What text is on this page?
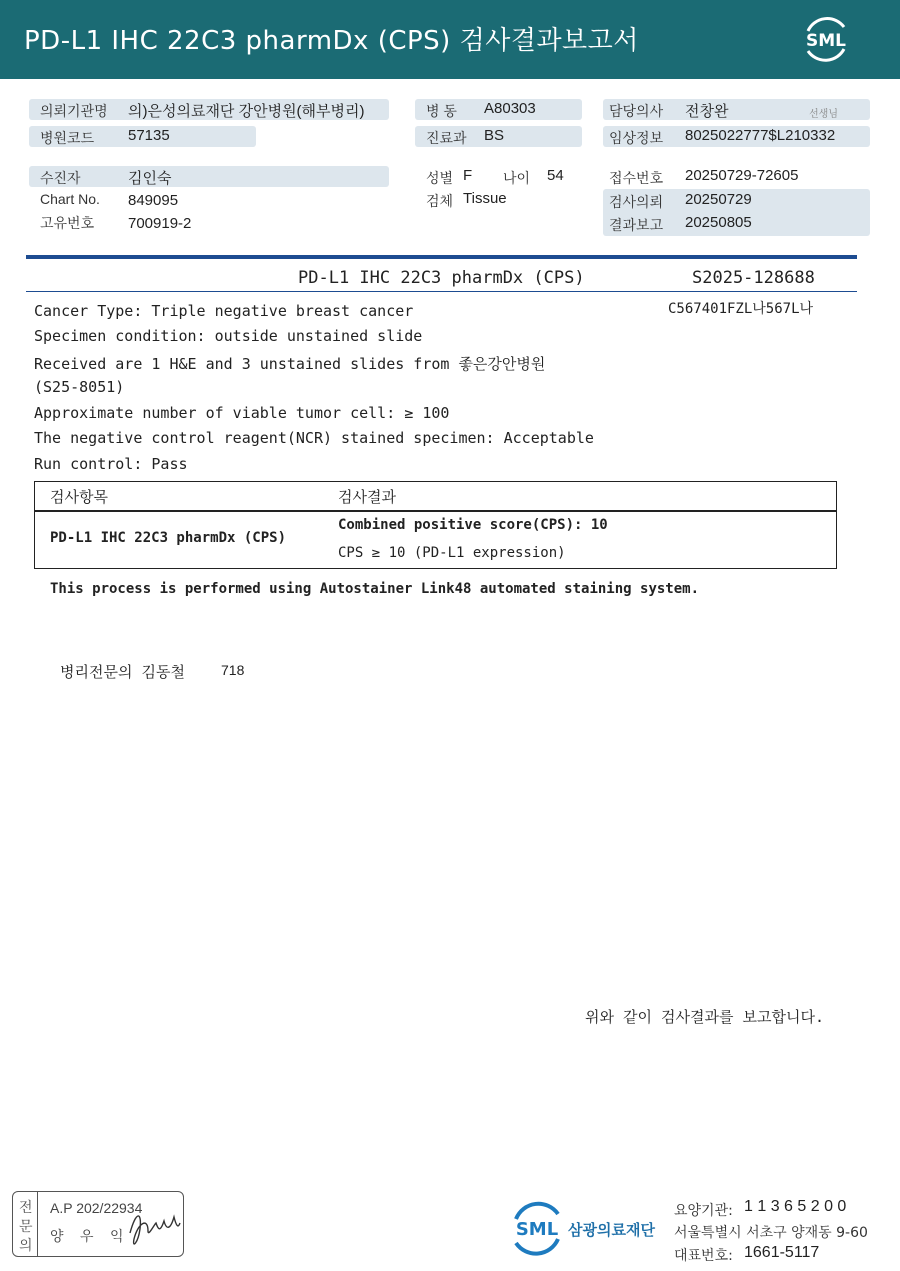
PD-L1 IHC 22C3 pharmDx (CPS) 검사결과보고서	SML
의뢰기관명 의)은성의료재단 강안병원(해부병리)
병원코드 57135
병 동 A80303
진료과 BS
담당의사 전창완	선생님
임상정보 8025022777$L210332
수진자	김인숙
Chart No. 849095
고유번호 700919-2
성별 F 나이 54
검체 Tissue
접수번호 20250729-72605
검사의뢰 20250729
결과보고 20250805
PD-L1 IHC 22C3 pharmDx (CPS)	S2025-128688
C567401FZL나567L나
Cancer Type: Triple negative breast cancer
Specimen condition: outside unstained slide
Received are 1 H&E and 3 unstained slides from 좋은강안병원
(S25-8051)
Approximate number of viable tumor cell: ≥ 100
The negative control reagent(NCR) stained specimen: Acceptable
Run control: Pass
검사항목	검사결과
PD-L1 IHC 22C3 pharmDx (CPS)
Combined positive score(CPS): 10
CPS ≥ 10 (PD-L1 expression)
This process is performed using Autostainer Link48 automated staining system.
병리전문의 김동철	718
위와 같이 검사결과를 보고합니다.
전
문
의
A.P 202/22934
양 우 익	SML 삼광의료재단
요양기관: 1 1 3 6 5 2 0 0
서울특별시 서초구 양재동 9-60
대표번호: 1661-5117
